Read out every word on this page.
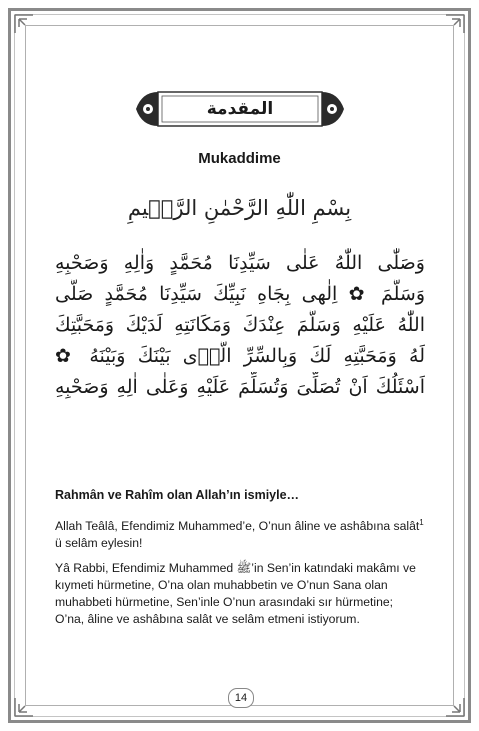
المقدمة
Mukaddime
بِسْمِ اللّٰهِ الرَّحْمٰنِ الرَّح۪يمِ
وَصَلّٰى اللّٰهُ عَلٰى سَيِّدِنَا مُحَمَّدٍ وَاٰلِهِ وَصَحْبِهِ
وَسَلَّمَ ✿ اِلٰهى بِجَاهِ نَبِيِّكَ سَيِّدِنَا مُحَمَّدٍ صَلَّى
اللّٰهُ عَلَيْهِ وَسَلَّمَ عِنْدَكَ وَمَكَانَتِهِ لَدَيْكَ وَمَحَبَّتِكَ
لَهُ وَمَحَبَّتِهِ لَكَ وَبِالسِّرِّ الَّذٖى بَيْنَكَ وَبَيْنَهُ ✿
اَسْئَلُكَ اَنْ تُصَلِّىَ وَتُسَلِّمَ عَلَيْهِ وَعَلٰى اٰلِهِ وَصَحْبِهِ
Rahmân ve Rahîm olan Allah’ın ismiyle…
Allah Teâlâ, Efendimiz Muhammed’e, O’nun âline ve ashâbına salât$^1$ ü selâm eylesin!
Yâ Rabbi, Efendimiz Muhammed ﷺ’in Sen’in katındaki makâmı ve kıymeti hürmetine, O’na olan muhabbetin ve O’nun Sana olan muhabbeti hürmetine, Sen’inle O’nun arasındaki sır hürmetine; O’na, âline ve ashâbına salât ve selâm etmeni istiyorum.
14
